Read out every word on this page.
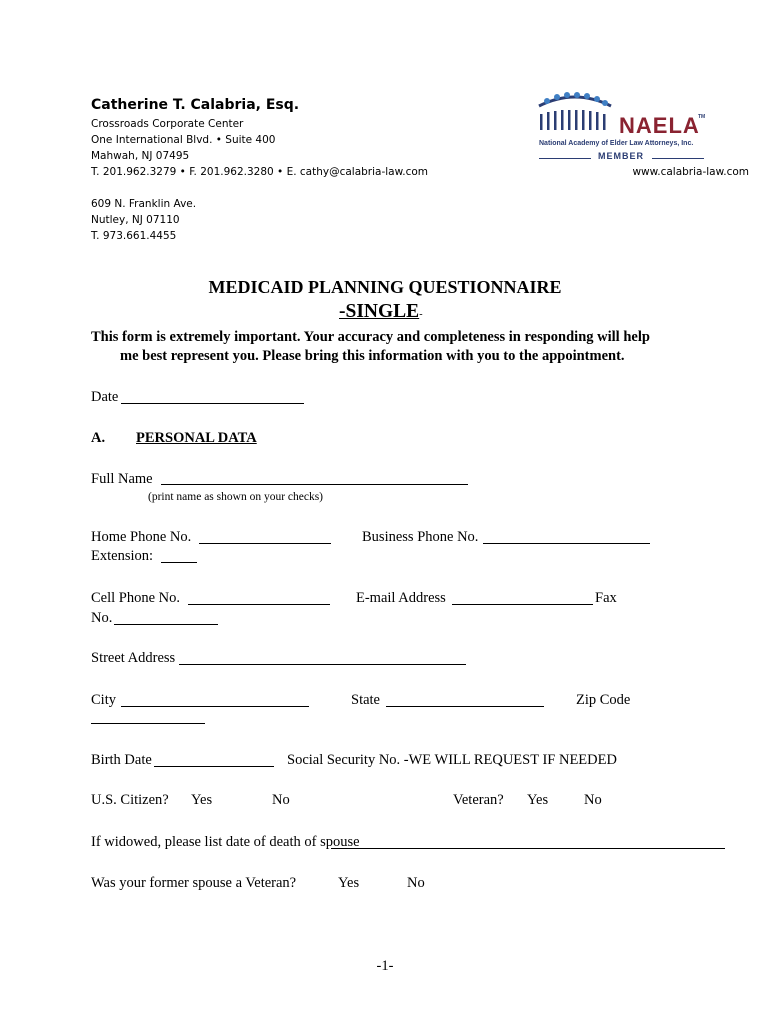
Catherine T. Calabria, Esq.
Crossroads Corporate Center
One International Blvd. • Suite 400
Mahwah, NJ 07495
T. 201.962.3279 • F. 201.962.3280 • E. cathy@calabria-law.com	www.calabria-law.com
609 N. Franklin Ave.
Nutley, NJ 07110
T. 973.661.4455
NAELA
TM
National Academy of Elder Law Attorneys, Inc.
MEMBER
MEDICAID PLANNING QUESTIONNAIRE
-SINGLE-
This form is extremely important. Your accuracy and completeness in responding will help
me best represent you. Please bring this information with you to the appointment.
Date
A. PERSONAL DATA
Full Name
(print name as shown on your checks)
Home Phone No.	Business Phone No.
Extension:
Cell Phone No.	E-mail Address	Fax
No.
Street Address
City	State	Zip Code
Birth Date	Social Security No. -WE WILL REQUEST IF NEEDED
U.S. Citizen? Yes	No	Veteran? Yes No
If widowed, please list date of death of spouse
Was your former spouse a Veteran?	Yes	No
-1-
